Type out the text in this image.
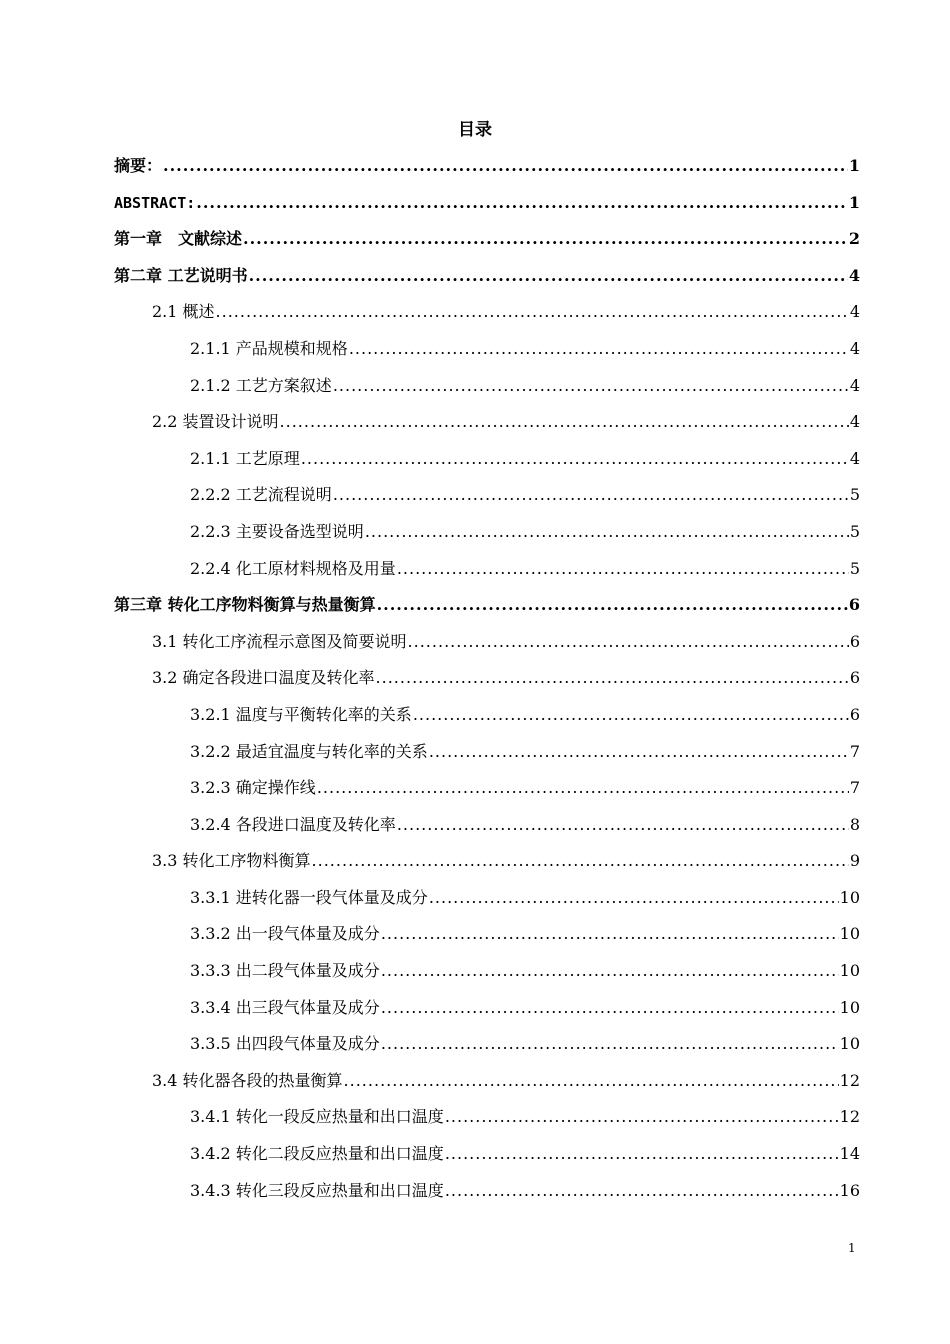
目录
摘要： .....	1
ABSTRACT: .....	1
第一章　文献综述 .....	2
第二章 工艺说明书 .....	4
2.1 概述 .....	4
2.1.1 产品规模和规格 .....	4
2.1.2 工艺方案叙述 .....	4
2.2 装置设计说明 .....	4
2.1.1 工艺原理 .....	4
2.2.2 工艺流程说明 .....	5
2.2.3 主要设备选型说明 .....	5
2.2.4 化工原材料规格及用量 .....	5
第三章 转化工序物料衡算与热量衡算 .....	6
3.1 转化工序流程示意图及简要说明 .....	6
3.2 确定各段进口温度及转化率 .....	6
3.2.1 温度与平衡转化率的关系 .....	6
3.2.2 最适宜温度与转化率的关系 .....	7
3.2.3 确定操作线 .....	7
3.2.4 各段进口温度及转化率 .....	8
3.3 转化工序物料衡算 .....	9
3.3.1 进转化器一段气体量及成分 .....	10
3.3.2 出一段气体量及成分 .....	10
3.3.3 出二段气体量及成分 .....	10
3.3.4 出三段气体量及成分 .....	10
3.3.5 出四段气体量及成分 .....	10
3.4 转化器各段的热量衡算 .....	12
3.4.1 转化一段反应热量和出口温度 .....	12
3.4.2 转化二段反应热量和出口温度 .....	14
3.4.3 转化三段反应热量和出口温度 .....	16
1
